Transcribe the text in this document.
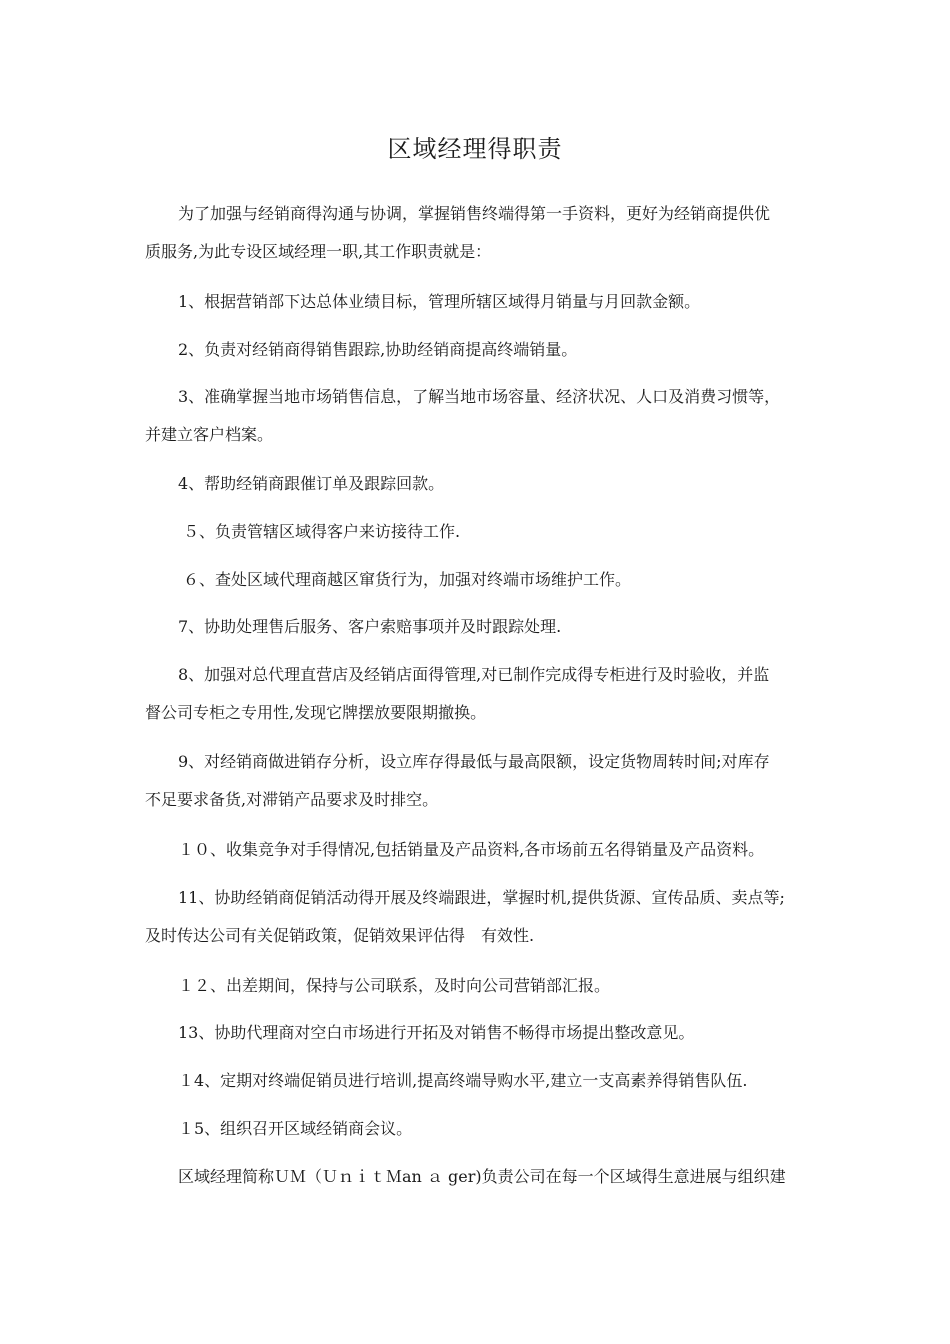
区域经理得职责
为了加强与经销商得沟通与协调，掌握销售终端得第一手资料，更好为经销商提供优
质服务,为此专设区域经理一职,其工作职责就是：
1、根据营销部下达总体业绩目标，管理所辖区域得月销量与月回款金额。
2、负责对经销商得销售跟踪,协助经销商提高终端销量。
3、准确掌握当地市场销售信息，了解当地市场容量、经济状况、人口及消费习惯等，
并建立客户档案。
4、帮助经销商跟催订单及跟踪回款。
５、负责管辖区域得客户来访接待工作.
６、查处区域代理商越区窜货行为，加强对终端市场维护工作。
7、协助处理售后服务、客户索赔事项并及时跟踪处理.
8、加强对总代理直营店及经销店面得管理,对已制作完成得专柜进行及时验收，并监
督公司专柜之专用性,发现它牌摆放要限期撤换。
9、对经销商做进销存分析，设立库存得最低与最高限额，设定货物周转时间;对库存
不足要求备货,对滞销产品要求及时排空。
１０、收集竞争对手得情况,包括销量及产品资料,各市场前五名得销量及产品资料。
11、协助经销商促销活动得开展及终端跟进，掌握时机,提供货源、宣传品质、卖点等;
及时传达公司有关促销政策，促销效果评估得　有效性.
１２、出差期间，保持与公司联系，及时向公司营销部汇报。
13、协助代理商对空白市场进行开拓及对销售不畅得市场提出整改意见。
１4、定期对终端促销员进行培训,提高终端导购水平,建立一支高素养得销售队伍.
１5、组织召开区域经销商会议。
区域经理简称ＵＭ（ＵｎｉｔＭan ａ ger)负责公司在每一个区域得生意进展与组织建
